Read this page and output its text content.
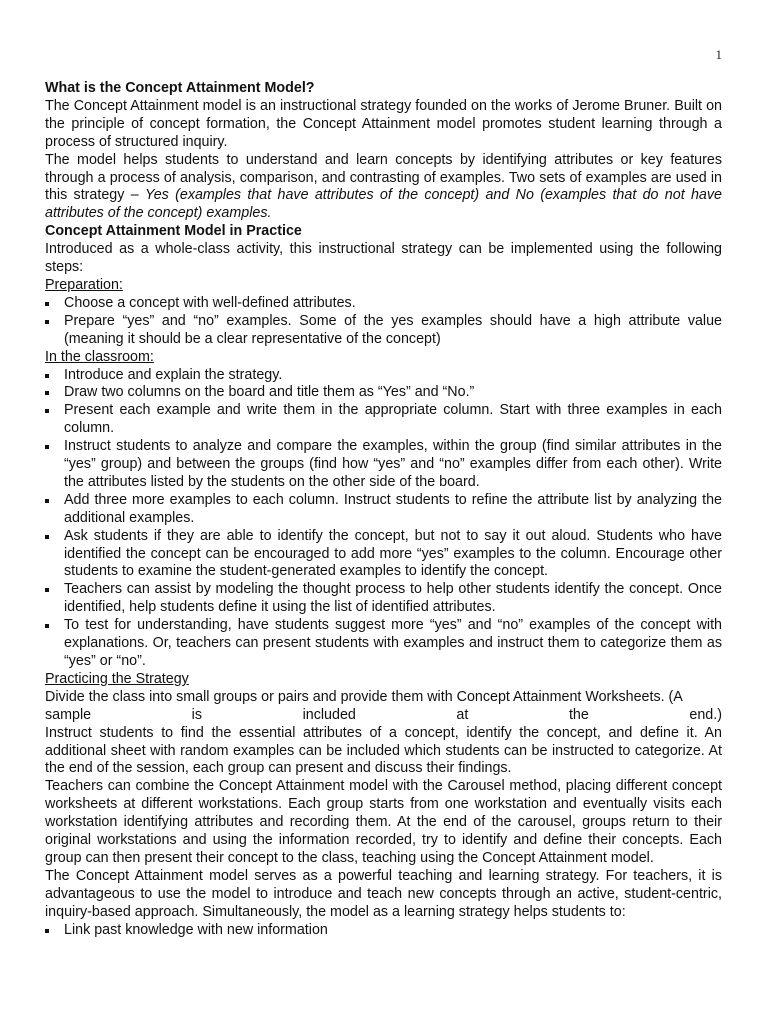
1
What is the Concept Attainment Model?

The Concept Attainment model is an instructional strategy founded on the works of Jerome Bruner. Built on the principle of concept formation, the Concept Attainment model promotes student learning through a process of structured inquiry.

The model helps students to understand and learn concepts by identifying attributes or key features through a process of analysis, comparison, and contrasting of examples. Two sets of examples are used in this strategy – Yes (examples that have attributes of the concept) and No (examples that do not have attributes of the concept) examples.

Concept Attainment Model in Practice

Introduced as a whole-class activity, this instructional strategy can be implemented using the following steps:

Preparation:
Choose a concept with well-defined attributes.
Prepare “yes” and “no” examples. Some of the yes examples should have a high attribute value (meaning it should be a clear representative of the concept)
In the classroom:
Introduce and explain the strategy.
Draw two columns on the board and title them as “Yes” and “No.”
Present each example and write them in the appropriate column. Start with three examples in each column.
Instruct students to analyze and compare the examples, within the group (find similar attributes in the “yes” group) and between the groups (find how “yes” and “no” examples differ from each other). Write the attributes listed by the students on the other side of the board.
Add three more examples to each column. Instruct students to refine the attribute list by analyzing the additional examples.
Ask students if they are able to identify the concept, but not to say it out aloud. Students who have identified the concept can be encouraged to add more “yes” examples to the column. Encourage other students to examine the student-generated examples to identify the concept.
Teachers can assist by modeling the thought process to help other students identify the concept. Once identified, help students define it using the list of identified attributes.
To test for understanding, have students suggest more “yes” and “no” examples of the concept with explanations. Or, teachers can present students with examples and instruct them to categorize them as “yes” or “no”.
Practicing the Strategy

Divide the class into small groups or pairs and provide them with Concept Attainment Worksheets. (A

sample is included at the end.)

Instruct students to find the essential attributes of a concept, identify the concept, and define it. An additional sheet with random examples can be included which students can be instructed to categorize. At the end of the session, each group can present and discuss their findings.

Teachers can combine the Concept Attainment model with the Carousel method, placing different concept worksheets at different workstations. Each group starts from one workstation and eventually visits each workstation identifying attributes and recording them. At the end of the carousel, groups return to their original workstations and using the information recorded, try to identify and define their concepts. Each group can then present their concept to the class, teaching using the Concept Attainment model.

The Concept Attainment model serves as a powerful teaching and learning strategy. For teachers, it is advantageous to use the model to introduce and teach new concepts through an active, student-centric, inquiry-based approach. Simultaneously, the model as a learning strategy helps students to:

Link past knowledge with new information
